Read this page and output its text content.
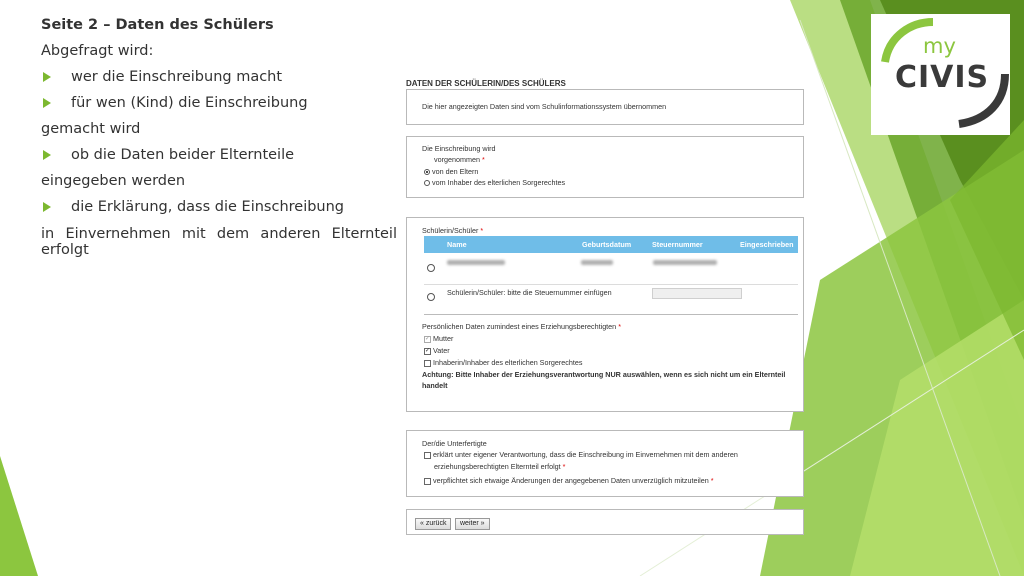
Seite 2 – Daten des Schülers
Abgefragt wird:
wer die Einschreibung macht
für wen (Kind) die Einschreibung
gemacht wird
ob die Daten beider Elternteile
eingegeben werden
die Erklärung, dass die Einschreibung
in Einvernehmen mit dem anderen Elternteil
erfolgt
my
CIVIS
DATEN DER SCHÜLERIN/DES SCHÜLERS
Die hier angezeigten Daten sind vom Schulinformationssystem übernommen
Die Einschreibung wird
vorgenommen *
von den Eltern
vom Inhaber des elterlichen Sorgerechtes
Schülerin/Schüler *
Name	Geburtsdatum	Steuernummer	Eingeschrieben
Schülerin/Schüler: bitte die Steuernummer einfügen
Persönlichen Daten zumindest eines Erziehungsberechtigten *
✓ Mutter
✓ Vater
Inhaberin/Inhaber des elterlichen Sorgerechtes
Achtung: Bitte Inhaber der Erziehungsverantwortung NUR auswählen, wenn es sich nicht um ein Elternteil
handelt
Der/die Unterfertigte
erklärt unter eigener Verantwortung, dass die Einschreibung im Einvernehmen mit dem anderen
erziehungsberechtigten Elternteil erfolgt *
verpflichtet sich etwaige Änderungen der angegebenen Daten unverzüglich mitzuteilen *
« zurück	weiter »
